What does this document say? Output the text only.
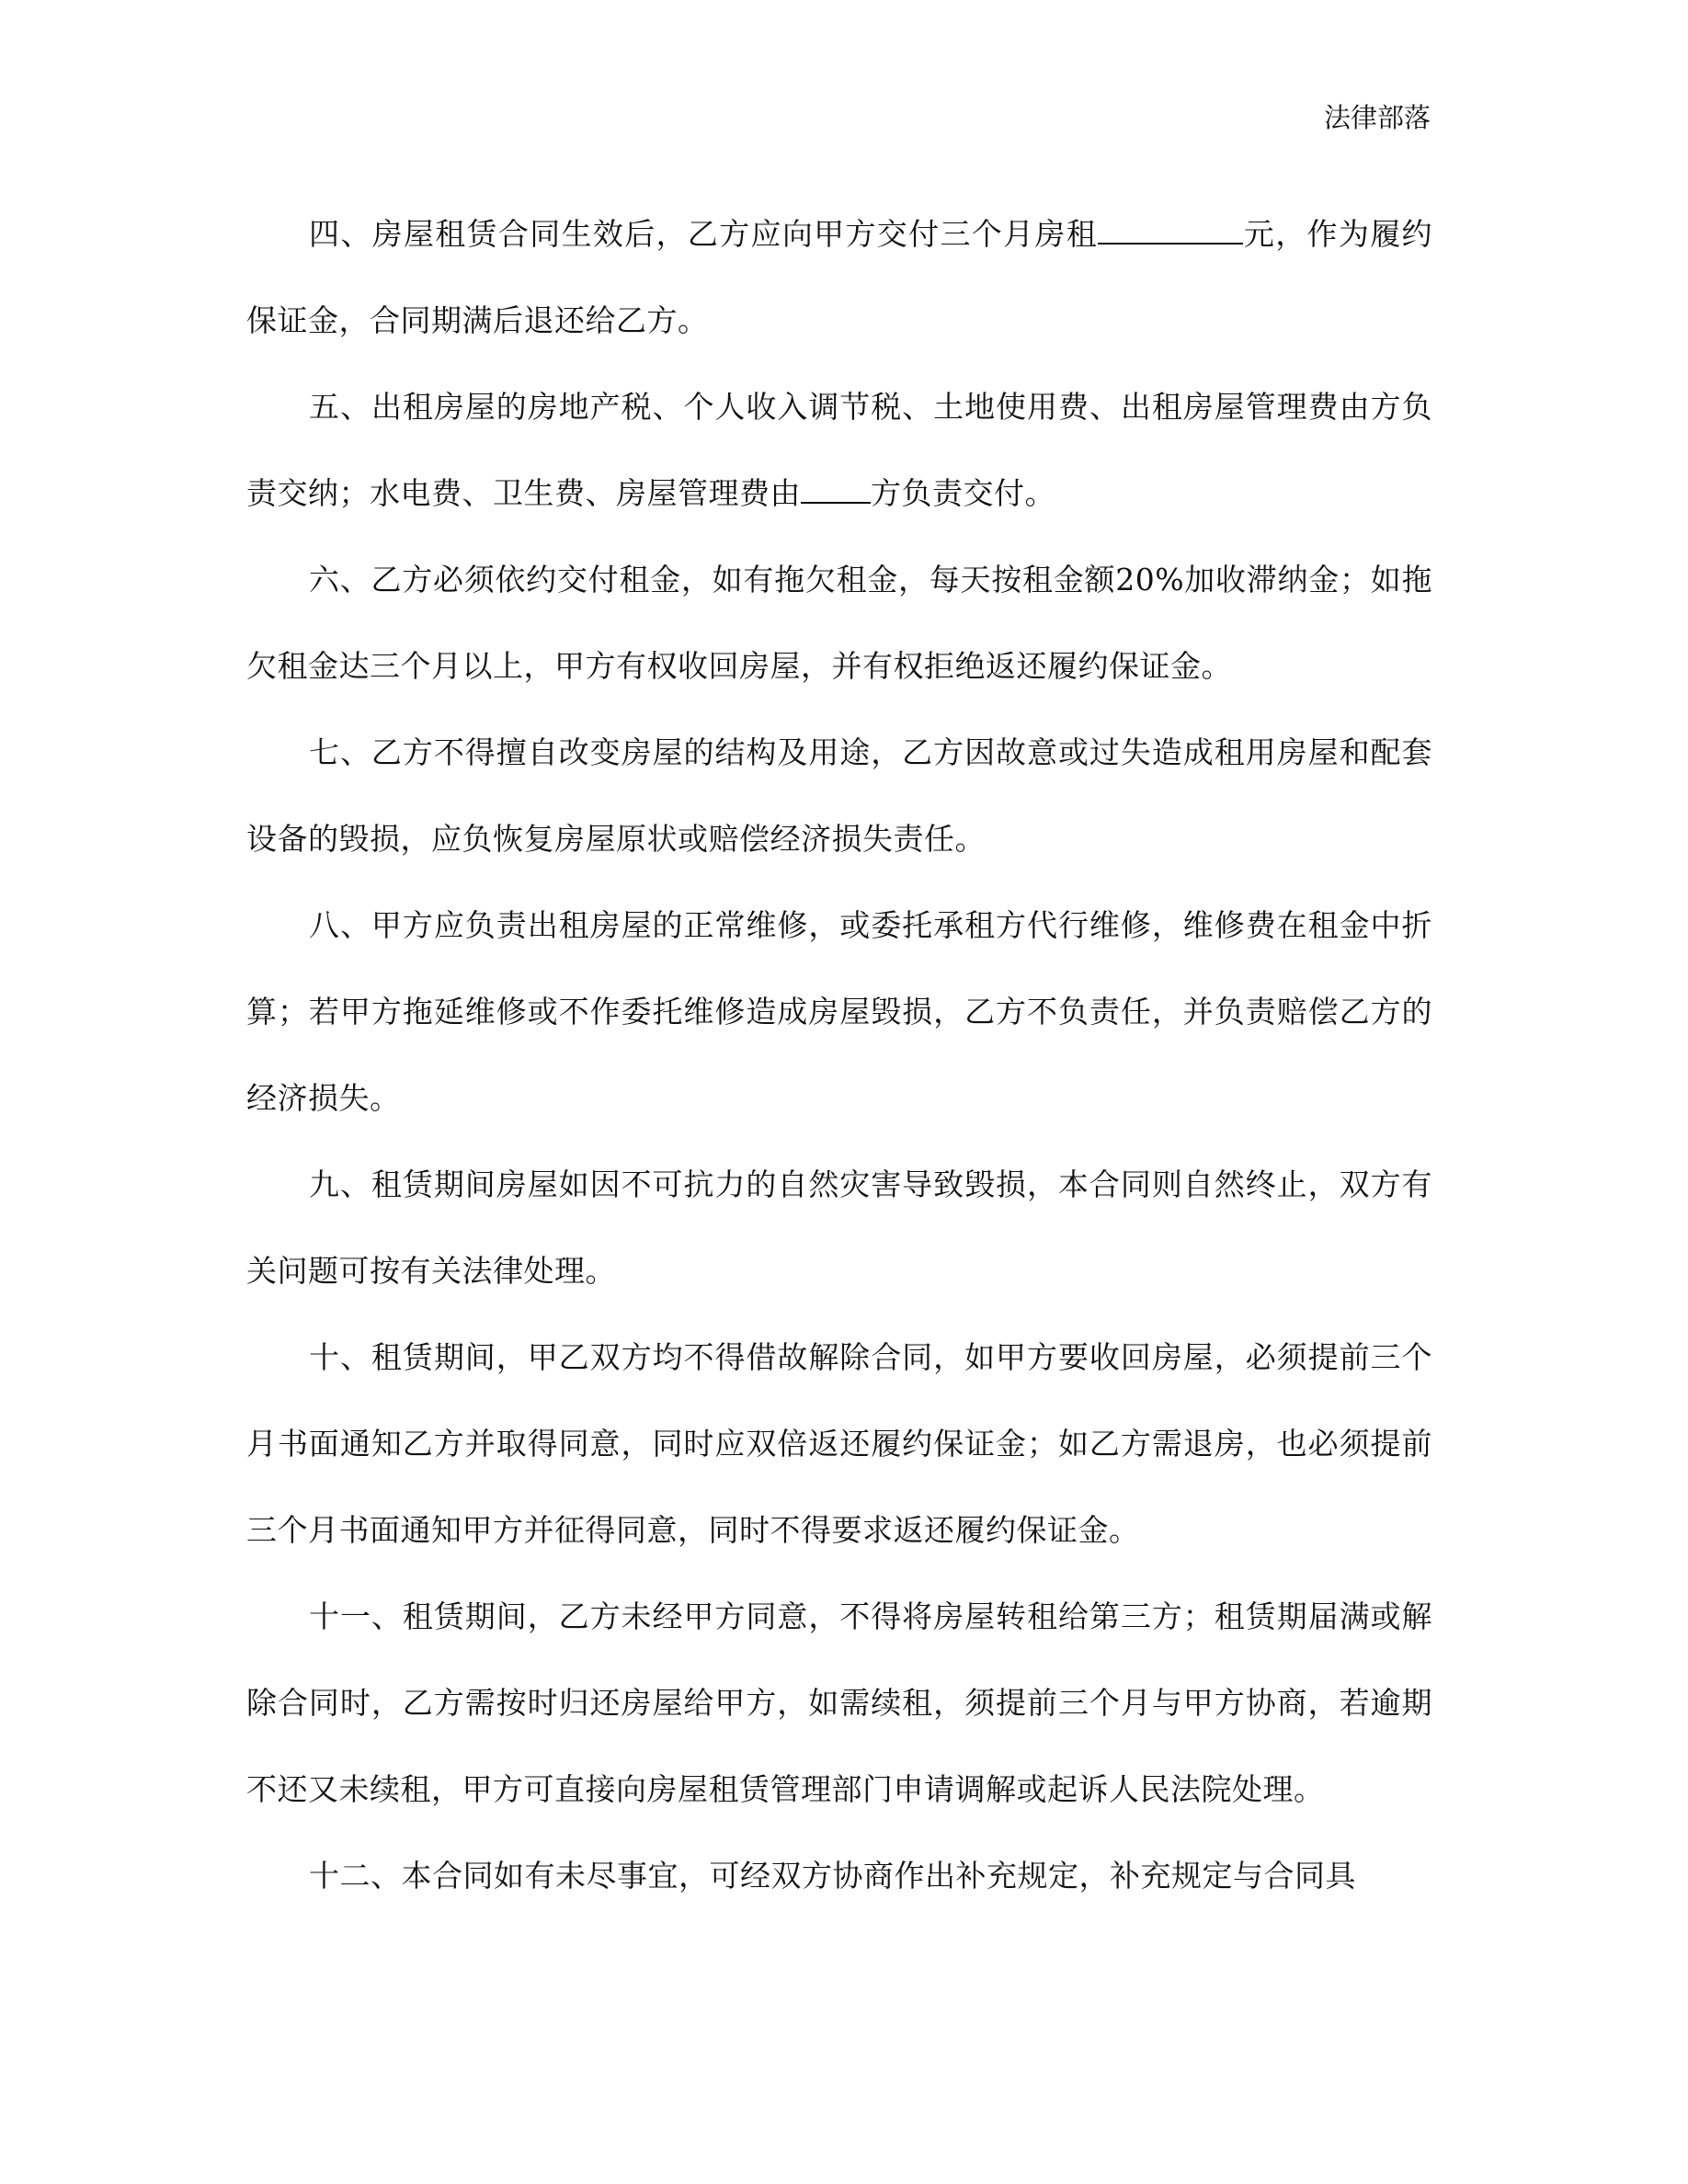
法律部落

四、房屋租赁合同生效后，乙方应向甲方交付三个月房租	元，作为履约保证金，合同期满后退还给乙方。

五、出租房屋的房地产税、个人收入调节税、土地使用费、出租房屋管理费由方负责交纳；水电费、卫生费、房屋管理费由 方负责交付。

六、乙方必须依约交付租金，如有拖欠租金，每天按租金额20%加收滞纳金；如拖欠租金达三个月以上，甲方有权收回房屋，并有权拒绝返还履约保证金。

七、乙方不得擅自改变房屋的结构及用途，乙方因故意或过失造成租用房屋和配套设备的毁损，应负恢复房屋原状或赔偿经济损失责任。

八、甲方应负责出租房屋的正常维修，或委托承租方代行维修，维修费在租金中折算；若甲方拖延维修或不作委托维修造成房屋毁损，乙方不负责任，并负责赔偿乙方的经济损失。

九、租赁期间房屋如因不可抗力的自然灾害导致毁损，本合同则自然终止，双方有关问题可按有关法律处理。

十、租赁期间，甲乙双方均不得借故解除合同，如甲方要收回房屋，必须提前三个月书面通知乙方并取得同意，同时应双倍返还履约保证金；如乙方需退房，也必须提前三个月书面通知甲方并征得同意，同时不得要求返还履约保证金。

十一、租赁期间，乙方未经甲方同意，不得将房屋转租给第三方；租赁期届满或解除合同时，乙方需按时归还房屋给甲方，如需续租，须提前三个月与甲方协商，若逾期不还又未续租，甲方可直接向房屋租赁管理部门申请调解或起诉人民法院处理。

十二、本合同如有未尽事宜，可经双方协商作出补充规定，补充规定与合同具
